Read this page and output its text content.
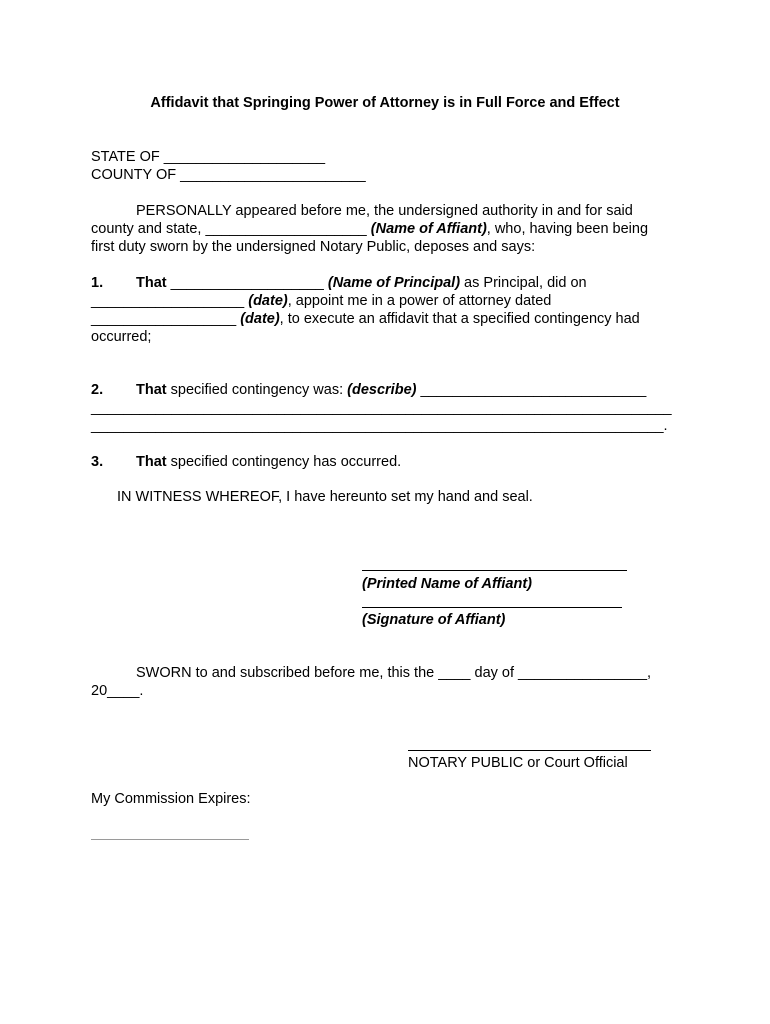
Affidavit that Springing Power of Attorney is in Full Force and Effect
STATE OF ____________________
COUNTY OF _______________________
PERSONALLY appeared before me, the undersigned authority in and for said
county and state, ____________________ (Name of Affiant), who, having been being
first duty sworn by the undersigned Notary Public, deposes and says:
1. That ___________________ (Name of Principal) as Principal, did on
___________________ (date), appoint me in a power of attorney dated
__________________ (date), to execute an affidavit that a specified contingency had
occurred;
2. That specified contingency was: (describe) ____________________________
________________________________________________________________________
_______________________________________________________________________.
3. That specified contingency has occurred.
IN WITNESS WHEREOF, I have hereunto set my hand and seal.
(Printed Name of Affiant)
(Signature of Affiant)
SWORN to and subscribed before me, this the ____ day of ________________,
20____.
NOTARY PUBLIC or Court Official
My Commission Expires:
